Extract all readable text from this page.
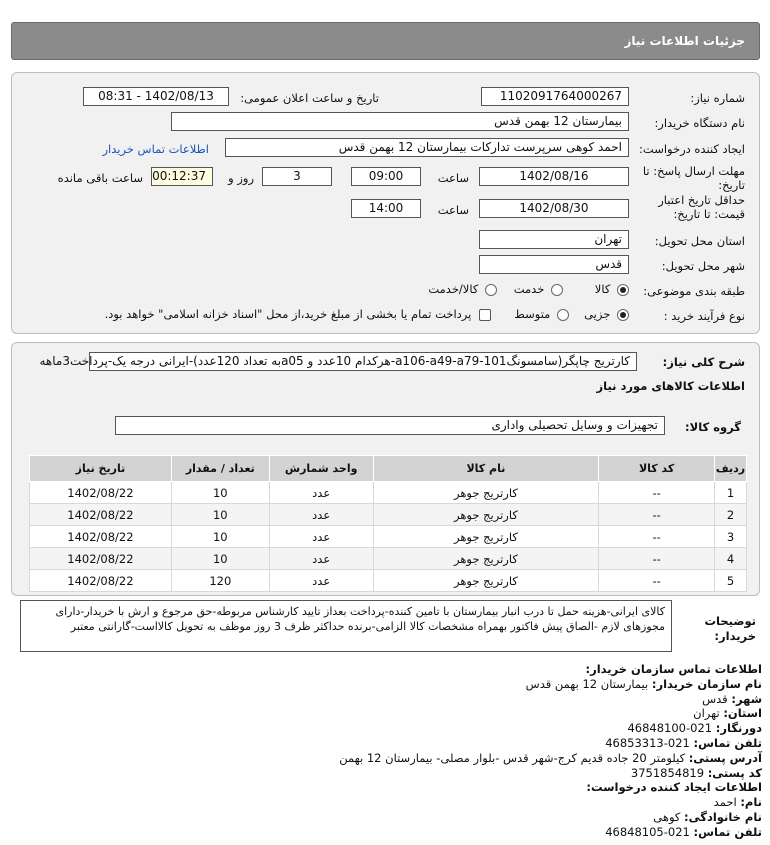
جزئیات اطلاعات نیاز
شماره نیاز:
1102091764000267
تاریخ و ساعت اعلان عمومی:
1402/08/13 - 08:31
نام دستگاه خریدار:
بیمارستان 12 بهمن قدس
ایجاد کننده درخواست:
احمد کوهی سرپرست تدارکات بیمارستان 12 بهمن قدس
اطلاعات تماس خریدار
مهلت ارسال پاسخ: تا
تاریخ:
1402/08/16
ساعت
09:00
3
روز و
00:12:37
ساعت باقی مانده
حداقل تاریخ اعتبار
قیمت: تا تاریخ:
1402/08/30
ساعت
14:00
استان محل تحویل:
تهران
شهر محل تحویل:
قدس
طبقه بندی موضوعی:
کالا
خدمت
کالا/خدمت
نوع فرآیند خرید :
جزیی
متوسط
پرداخت تمام یا بخشی از مبلغ خرید،از محل "اسناد خزانه اسلامی" خواهد بود.
شرح کلی نیاز:
کارتریج چاپگر(سامسونگ101-a106-a49-a79-هرکدام 10عدد و a05به تعداد 120عدد)-ایرانی درجه یک-پرداخت3ماهه
اطلاعات کالاهای مورد نیاز
گروه کالا:
تجهیزات و وسایل تحصیلی واداری
ردیف	کد کالا	نام کالا	واحد شمارش	تعداد / مقدار	تاریخ نیاز
1	--	کارتریج جوهر	عدد	10	1402/08/22
2	--	کارتریج جوهر	عدد	10	1402/08/22
3	--	کارتریج جوهر	عدد	10	1402/08/22
4	--	کارتریج جوهر	عدد	10	1402/08/22
5	--	کارتریج جوهر	عدد	120	1402/08/22
توضیحات
خریدار:
کالای ایرانی-هزینه حمل تا درب انبار بیمارستان با تامین کننده-پرداخت بعداز تایید کارشناس مربوطه-حق مرجوع و ارش با خریدار-دارای مجوزهای لازم -الصاق پیش فاکتور بهمراه مشخصات کالا الزامی-برنده حداکثر ظرف 3 روز موظف به تحویل کالااست-گارانتی معتبر
اطلاعات تماس سازمان خریدار:
نام سازمان خریدار: بیمارستان 12 بهمن قدس
شهر: قدس
استان: تهران
دورنگار: 021-46848100
تلفن تماس: 021-46853313
آدرس پستی: کیلومتر 20 جاده قدیم کرج-شهر قدس -بلوار مصلی- بیمارستان 12 بهمن
کد پستی: 3751854819
اطلاعات ایجاد کننده درخواست:
نام: احمد
نام خانوادگی: کوهی
تلفن تماس: 021-46848105
